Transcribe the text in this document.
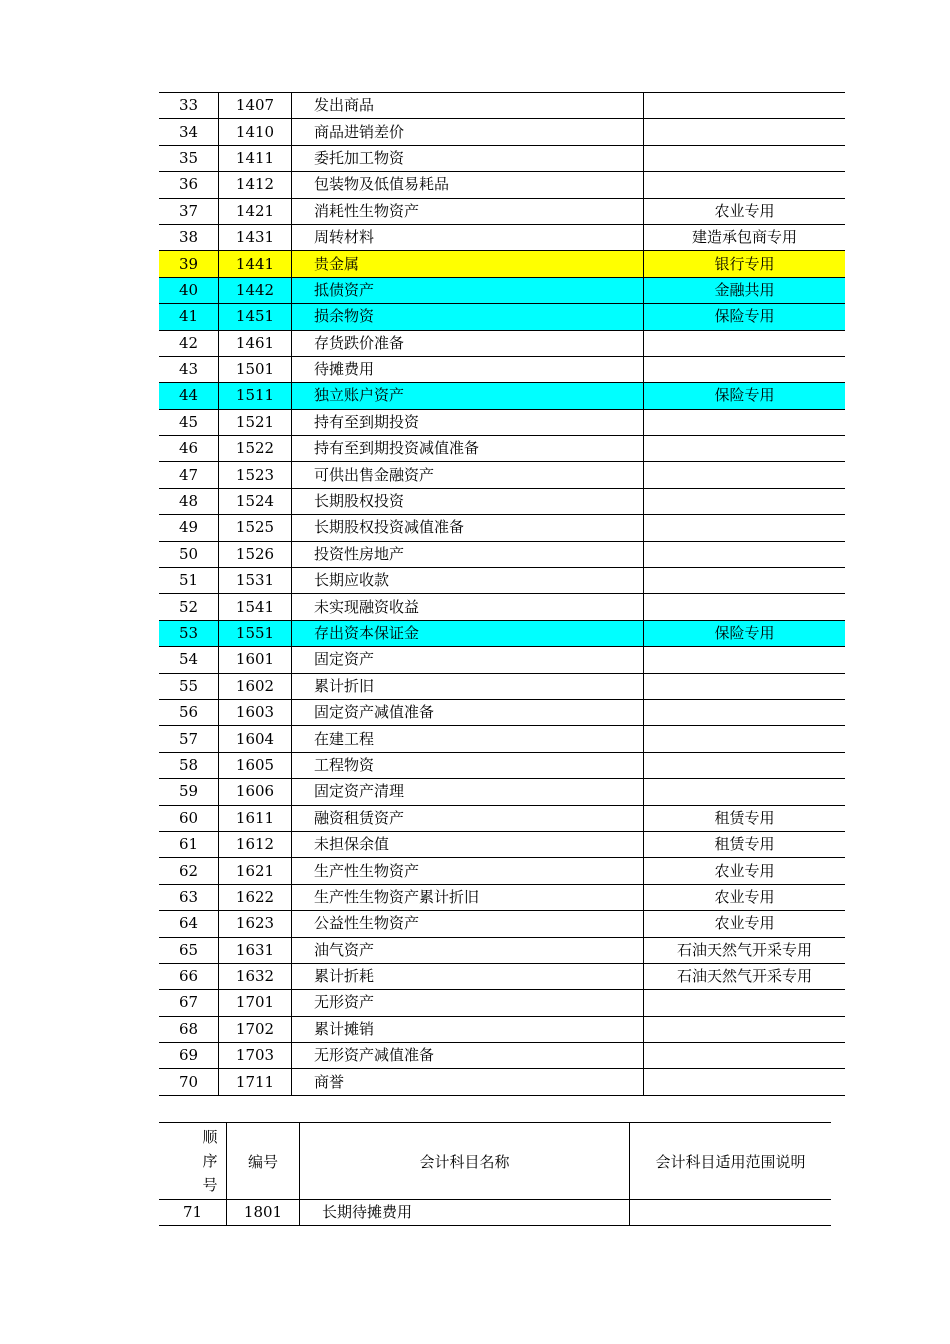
33	1407	发出商品	
34	1410	商品进销差价	
35	1411	委托加工物资	
36	1412	包装物及低值易耗品	
37	1421	消耗性生物资产	农业专用
38	1431	周转材料	建造承包商专用
39	1441	贵金属	银行专用
40	1442	抵债资产	金融共用
41	1451	损余物资	保险专用
42	1461	存货跌价准备	
43	1501	待摊费用	
44	1511	独立账户资产	保险专用
45	1521	持有至到期投资	
46	1522	持有至到期投资减值准备	
47	1523	可供出售金融资产	
48	1524	长期股权投资	
49	1525	长期股权投资减值准备	
50	1526	投资性房地产	
51	1531	长期应收款	
52	1541	未实现融资收益	
53	1551	存出资本保证金	保险专用
54	1601	固定资产	
55	1602	累计折旧	
56	1603	固定资产减值准备	
57	1604	在建工程	
58	1605	工程物资	
59	1606	固定资产清理	
60	1611	融资租赁资产	租赁专用
61	1612	未担保余值	租赁专用
62	1621	生产性生物资产	农业专用
63	1622	生产性生物资产累计折旧	农业专用
64	1623	公益性生物资产	农业专用
65	1631	油气资产	石油天然气开采专用
66	1632	累计折耗	石油天然气开采专用
67	1701	无形资产	
68	1702	累计摊销	
69	1703	无形资产减值准备	
70	1711	商誉	
顺
序
号	编号	会计科目名称	会计科目适用范围说明
71	1801	长期待摊费用	
